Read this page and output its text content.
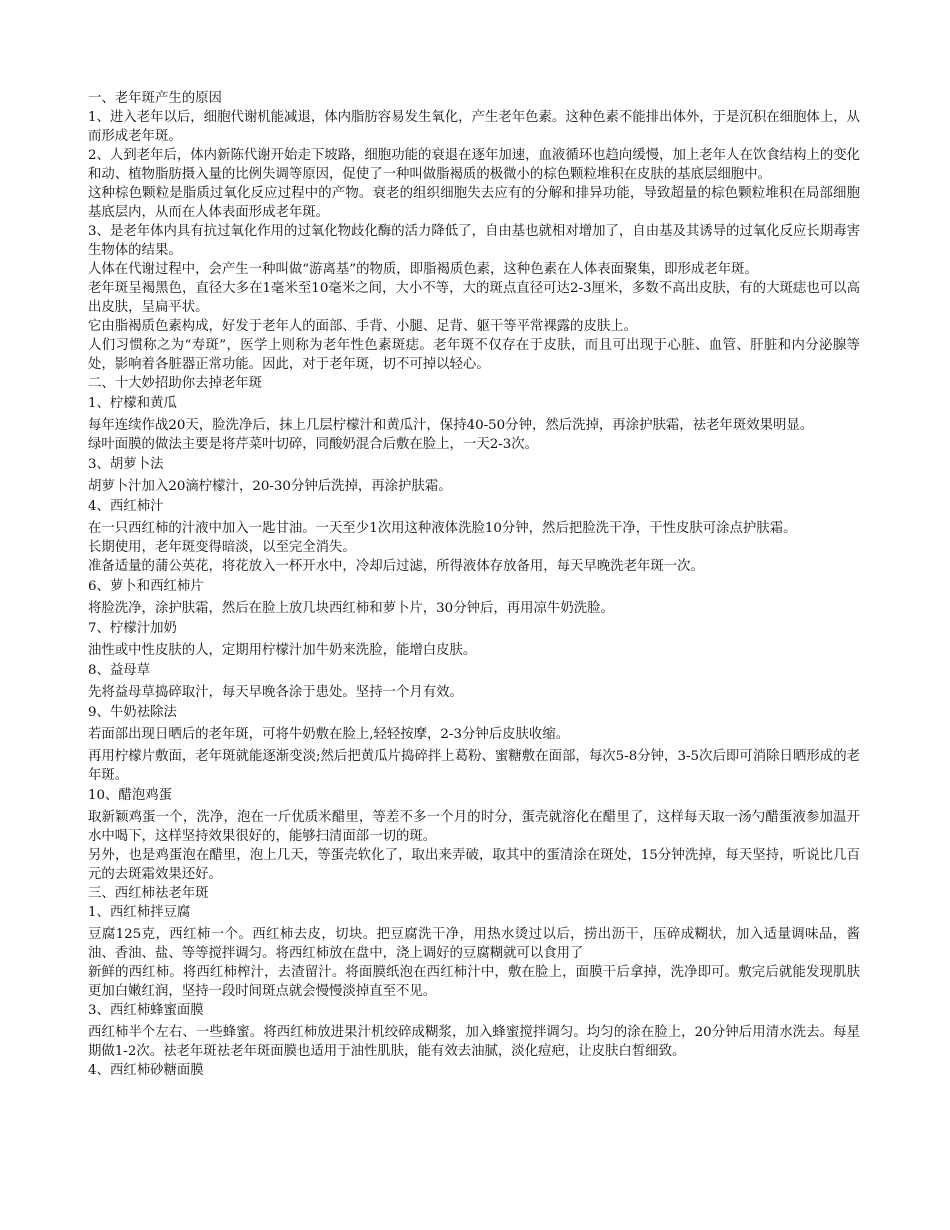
一、老年斑产生的原因

1、进入老年以后，细胞代谢机能减退，体内脂肪容易发生氧化，产生老年色素。这种色素不能排出体外，于是沉积在细胞体上，从而形成老年斑。

2、人到老年后，体内新陈代谢开始走下坡路，细胞功能的衰退在逐年加速，血液循环也趋向缓慢，加上老年人在饮食结构上的变化和动、植物脂肪摄入量的比例失调等原因，促使了一种叫做脂褐质的极微小的棕色颗粒堆积在皮肤的基底层细胞中。

这种棕色颗粒是脂质过氧化反应过程中的产物。衰老的组织细胞失去应有的分解和排异功能，导致超量的棕色颗粒堆积在局部细胞基底层内，从而在人体表面形成老年斑。

3、是老年体内具有抗过氧化作用的过氧化物歧化酶的活力降低了，自由基也就相对增加了，自由基及其诱导的过氧化反应长期毒害生物体的结果。

人体在代谢过程中，会产生一种叫做“游离基”的物质，即脂褐质色素，这种色素在人体表面聚集，即形成老年斑。

老年斑呈褐黑色，直径大多在1毫米至10毫米之间，大小不等，大的斑点直径可达2-3厘米，多数不高出皮肤，有的大斑痣也可以高出皮肤，呈扁平状。

它由脂褐质色素构成，好发于老年人的面部、手背、小腿、足背、躯干等平常裸露的皮肤上。

人们习惯称之为“寿斑”，医学上则称为老年性色素斑痣。老年斑不仅存在于皮肤，而且可出现于心脏、血管、肝脏和内分泌腺等处，影响着各脏器正常功能。因此，对于老年斑，切不可掉以轻心。

二、十大妙招助你去掉老年斑

1、柠檬和黄瓜

每年连续作战20天，脸洗净后，抹上几层柠檬汁和黄瓜汁，保持40-50分钟，然后洗掉，再涂护肤霜，祛老年斑效果明显。

绿叶面膜的做法主要是将芹菜叶切碎，同酸奶混合后敷在脸上，一天2-3次。

3、胡萝卜法

胡萝卜汁加入20滴柠檬汁，20-30分钟后洗掉，再涂护肤霜。

4、西红柿汁

在一只西红柿的汁液中加入一匙甘油。一天至少1次用这种液体洗脸10分钟，然后把脸洗干净，干性皮肤可涂点护肤霜。

长期使用，老年斑变得暗淡，以至完全消失。

准备适量的蒲公英花，将花放入一杯开水中，冷却后过滤，所得液体存放备用，每天早晚洗老年斑一次。

6、萝卜和西红柿片

将脸洗净，涂护肤霜，然后在脸上放几块西红柿和萝卜片，30分钟后，再用凉牛奶洗脸。

7、柠檬汁加奶

油性或中性皮肤的人，定期用柠檬汁加牛奶来洗脸，能增白皮肤。

8、益母草

先将益母草捣碎取汁，每天早晚各涂于患处。坚持一个月有效。

9、牛奶祛除法

若面部出现日晒后的老年斑，可将牛奶敷在脸上,轻轻按摩，2-3分钟后皮肤收缩。

再用柠檬片敷面，老年斑就能逐渐变淡;然后把黄瓜片捣碎拌上葛粉、蜜糖敷在面部，每次5-8分钟，3-5次后即可消除日晒形成的老年斑。

10、醋泡鸡蛋

取新颖鸡蛋一个，洗净，泡在一斤优质米醋里，等差不多一个月的时分，蛋壳就溶化在醋里了，这样每天取一汤勺醋蛋液参加温开水中喝下，这样坚持效果很好的，能够扫清面部一切的斑。

另外，也是鸡蛋泡在醋里，泡上几天，等蛋壳软化了，取出来弄破，取其中的蛋清涂在斑处，15分钟洗掉，每天坚持，听说比几百元的去斑霜效果还好。

三、西红柿祛老年斑

1、西红柿拌豆腐

豆腐125克，西红柿一个。西红柿去皮，切块。把豆腐洗干净，用热水烫过以后，捞出沥干，压碎成糊状，加入适量调味品，酱油、香油、盐、等等搅拌调匀。将西红柿放在盘中，浇上调好的豆腐糊就可以食用了

新鲜的西红柿。将西红柿榨汁，去渣留汁。将面膜纸泡在西红柿汁中，敷在脸上，面膜干后拿掉，洗净即可。敷完后就能发现肌肤更加白嫩红润，坚持一段时间斑点就会慢慢淡掉直至不见。

3、西红柿蜂蜜面膜

西红柿半个左右、一些蜂蜜。将西红柿放进果汁机绞碎成糊浆，加入蜂蜜搅拌调匀。均匀的涂在脸上，20分钟后用清水洗去。每星期做1-2次。祛老年斑祛老年斑面膜也适用于油性肌肤，能有效去油腻，淡化痘疤，让皮肤白皙细致。

4、西红柿砂糖面膜
